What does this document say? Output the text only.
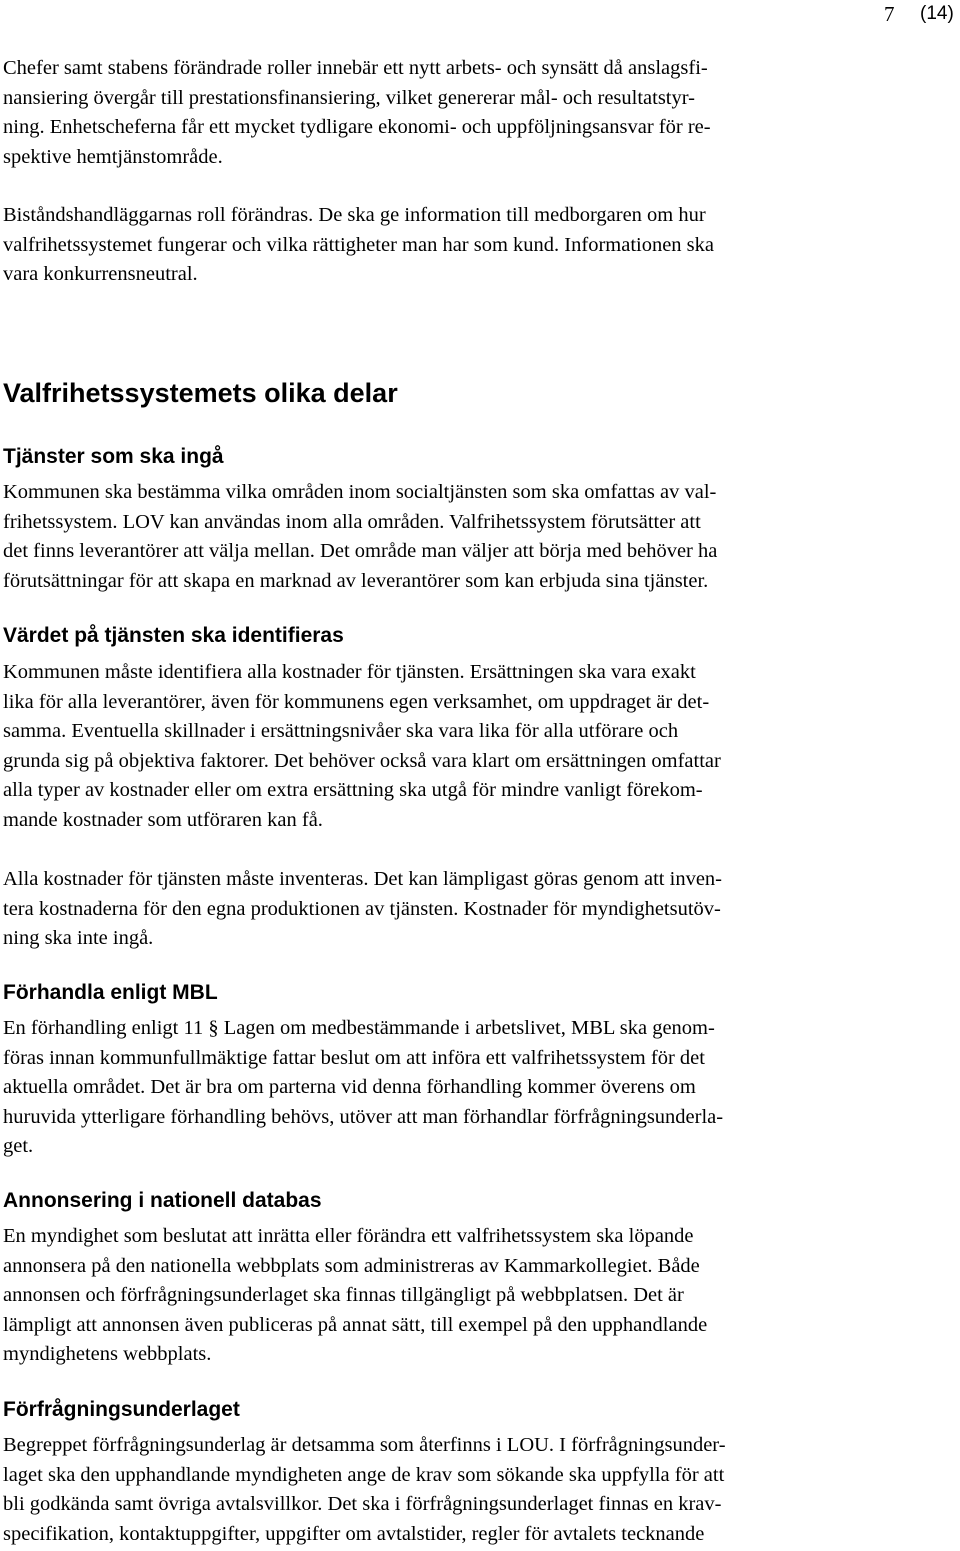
7 (14)
Chefer samt stabens förändrade roller innebär ett nytt arbets- och synsätt då anslagsfi-
nansiering övergår till prestationsfinansiering, vilket genererar mål- och resultatstyr-
ning. Enhetscheferna får ett mycket tydligare ekonomi- och uppföljningsansvar för re-
spektive hemtjänstområde.
Biståndshandläggarnas roll förändras. De ska ge information till medborgaren om hur
valfrihetssystemet fungerar och vilka rättigheter man har som kund. Informationen ska
vara konkurrensneutral.
Valfrihetssystemets olika delar
Tjänster som ska ingå
Kommunen ska bestämma vilka områden inom socialtjänsten som ska omfattas av val-
frihetssystem. LOV kan användas inom alla områden. Valfrihetssystem förutsätter att
det finns leverantörer att välja mellan. Det område man väljer att börja med behöver ha
förutsättningar för att skapa en marknad av leverantörer som kan erbjuda sina tjänster.
Värdet på tjänsten ska identifieras
Kommunen måste identifiera alla kostnader för tjänsten. Ersättningen ska vara exakt
lika för alla leverantörer, även för kommunens egen verksamhet, om uppdraget är det-
samma. Eventuella skillnader i ersättningsnivåer ska vara lika för alla utförare och
grunda sig på objektiva faktorer. Det behöver också vara klart om ersättningen omfattar
alla typer av kostnader eller om extra ersättning ska utgå för mindre vanligt förekom-
mande kostnader som utföraren kan få.
Alla kostnader för tjänsten måste inventeras. Det kan lämpligast göras genom att inven-
tera kostnaderna för den egna produktionen av tjänsten. Kostnader för myndighetsutöv-
ning ska inte ingå.
Förhandla enligt MBL
En förhandling enligt 11 § Lagen om medbestämmande i arbetslivet, MBL ska genom-
föras innan kommunfullmäktige fattar beslut om att införa ett valfrihetssystem för det
aktuella området. Det är bra om parterna vid denna förhandling kommer överens om
huruvida ytterligare förhandling behövs, utöver att man förhandlar förfrågningsunderla-
get.
Annonsering i nationell databas
En myndighet som beslutat att inrätta eller förändra ett valfrihetssystem ska löpande
annonsera på den nationella webbplats som administreras av Kammarkollegiet. Både
annonsen och förfrågningsunderlaget ska finnas tillgängligt på webbplatsen. Det är
lämpligt att annonsen även publiceras på annat sätt, till exempel på den upphandlande
myndighetens webbplats.
Förfrågningsunderlaget
Begreppet förfrågningsunderlag är detsamma som återfinns i LOU. I förfrågningsunder-
laget ska den upphandlande myndigheten ange de krav som sökande ska uppfylla för att
bli godkända samt övriga avtalsvillkor. Det ska i förfrågningsunderlaget finnas en krav-
specifikation, kontaktuppgifter, uppgifter om avtalstider, regler för avtalets tecknande
